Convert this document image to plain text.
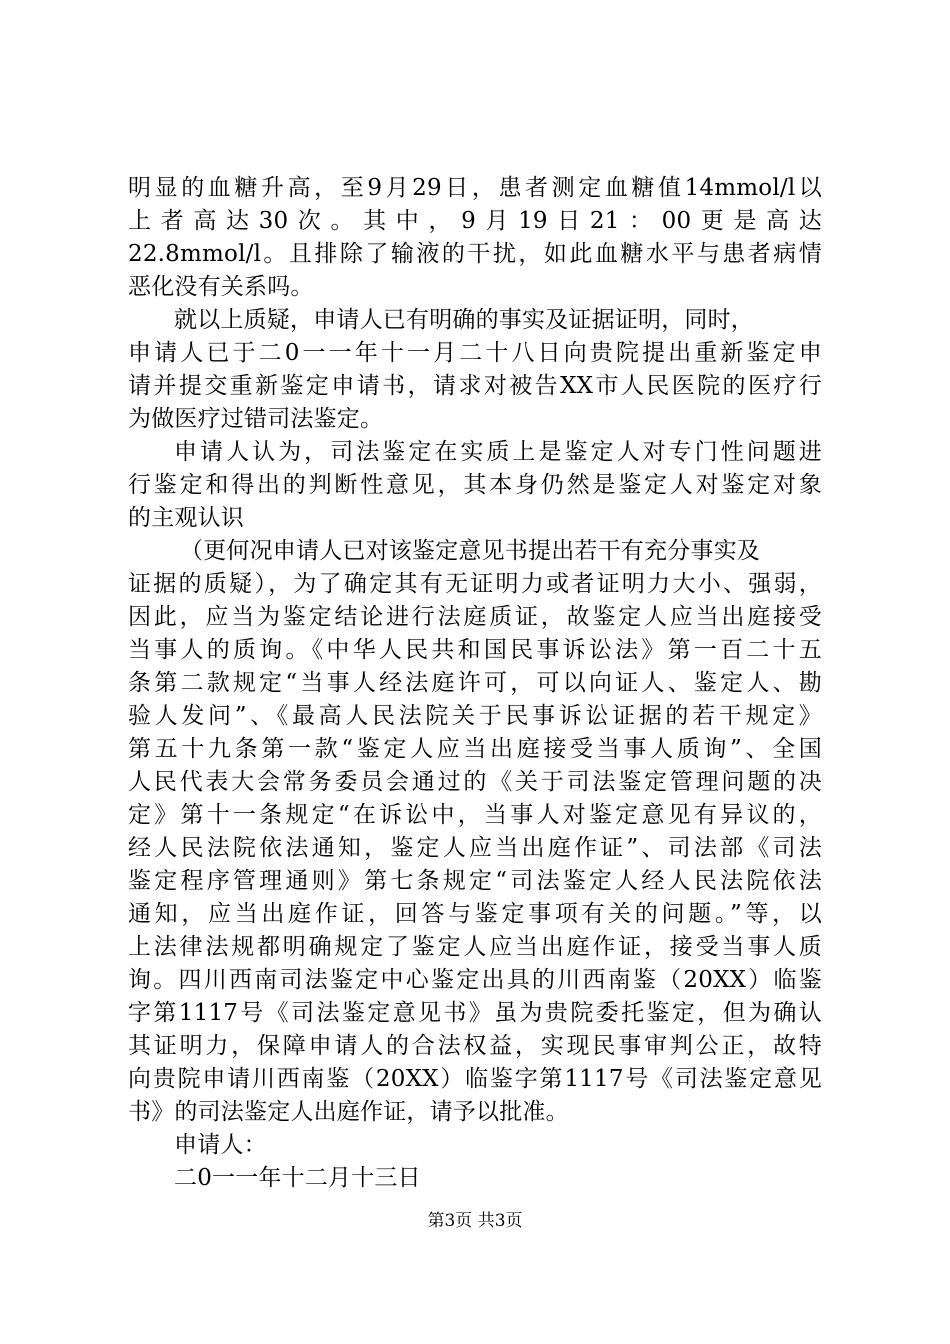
明显的血糖升高，至9月29日，患者测定血糖值14mmol/l以
上者高达30次。其中，9月19日21：00更是高达
22.8mmol/l。且排除了输液的干扰，如此血糖水平与患者病情
恶化没有关系吗。
就以上质疑，申请人已有明确的事实及证据证明，同时，
申请人已于二0一一年十一月二十八日向贵院提出重新鉴定申
请并提交重新鉴定申请书，请求对被告XX市人民医院的医疗行
为做医疗过错司法鉴定。
申请人认为，司法鉴定在实质上是鉴定人对专门性问题进
行鉴定和得出的判断性意见，其本身仍然是鉴定人对鉴定对象
的主观认识
（更何况申请人已对该鉴定意见书提出若干有充分事实及
证据的质疑），为了确定其有无证明力或者证明力大小、强弱，
因此，应当为鉴定结论进行法庭质证，故鉴定人应当出庭接受
当事人的质询。《中华人民共和国民事诉讼法》第一百二十五
条第二款规定“当事人经法庭许可，可以向证人、鉴定人、勘
验人发问”、《最高人民法院关于民事诉讼证据的若干规定》
第五十九条第一款“鉴定人应当出庭接受当事人质询”、全国
人民代表大会常务委员会通过的《关于司法鉴定管理问题的决
定》第十一条规定“在诉讼中，当事人对鉴定意见有异议的，
经人民法院依法通知，鉴定人应当出庭作证”、司法部《司法
鉴定程序管理通则》第七条规定“司法鉴定人经人民法院依法
通知，应当出庭作证，回答与鉴定事项有关的问题。”等，以
上法律法规都明确规定了鉴定人应当出庭作证，接受当事人质
询。四川西南司法鉴定中心鉴定出具的川西南鉴（20XX）临鉴
字第1117号《司法鉴定意见书》虽为贵院委托鉴定，但为确认
其证明力，保障申请人的合法权益，实现民事审判公正，故特
向贵院申请川西南鉴（20XX）临鉴字第1117号《司法鉴定意见
书》的司法鉴定人出庭作证，请予以批准。
申请人：
二0一一年十二月十三日
第3页 共3页
